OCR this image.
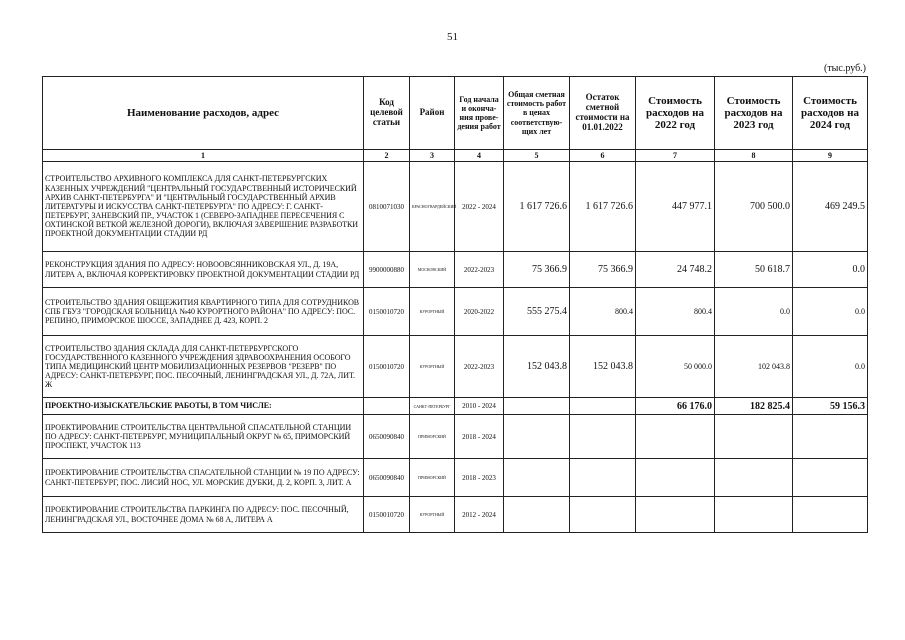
51
(тыс.руб.)
Наименование расходов, адрес	Код целевой статьи	Район	Год начала и оконча-ния прове-дения работ	Общая сметная стоимость работ в ценах соответствую-щих лет	Остаток сметной стоимости на 01.01.2022	Стоимость расходов на 2022 год	Стоимость расходов на 2023 год	Стоимость расходов на 2024 год
1	2	3	4	5	6	7	8	9
СТРОИТЕЛЬСТВО АРХИВНОГО КОМПЛЕКСА ДЛЯ САНКТ-ПЕТЕРБУРГСКИХ КАЗЕННЫХ УЧРЕЖДЕНИЙ "ЦЕНТРАЛЬНЫЙ ГОСУДАРСТВЕННЫЙ ИСТОРИЧЕСКИЙ АРХИВ САНКТ-ПЕТЕРБУРГА" И "ЦЕНТРАЛЬНЫЙ ГОСУДАРСТВЕННЫЙ АРХИВ ЛИТЕРАТУРЫ И ИСКУССТВА САНКТ-ПЕТЕРБУРГА" ПО АДРЕСУ: Г. САНКТ-ПЕТЕРБУРГ, ЗАНЕВСКИЙ ПР., УЧАСТОК 1 (СЕВЕРО-ЗАПАДНЕЕ ПЕРЕСЕЧЕНИЯ С ОХТИНСКОЙ ВЕТКОЙ ЖЕЛЕЗНОЙ ДОРОГИ), ВКЛЮЧАЯ ЗАВЕРШЕНИЕ РАЗРАБОТКИ ПРОЕКТНОЙ ДОКУМЕНТАЦИИ СТАДИИ РД	0810071030	КРАСНОГВАРДЕЙСКИЙ	2022 - 2024	1 617 726.6	1 617 726.6	447 977.1	700 500.0	469 249.5
РЕКОНСТРУКЦИЯ ЗДАНИЯ ПО АДРЕСУ: НОВООВСЯННИКОВСКАЯ УЛ., Д. 19А, ЛИТЕРА А, ВКЛЮЧАЯ КОРРЕКТИРОВКУ ПРОЕКТНОЙ ДОКУМЕНТАЦИИ СТАДИИ РД	9900000880	МОСКОВСКИЙ	2022-2023	75 366.9	75 366.9	24 748.2	50 618.7	0.0
СТРОИТЕЛЬСТВО ЗДАНИЯ ОБЩЕЖИТИЯ КВАРТИРНОГО ТИПА ДЛЯ СОТРУДНИКОВ СПБ ГБУЗ "ГОРОДСКАЯ БОЛЬНИЦА №40 КУРОРТНОГО РАЙОНА" ПО АДРЕСУ: ПОС. РЕПИНО, ПРИМОРСКОЕ ШОССЕ, ЗАПАДНЕЕ Д. 423, КОРП. 2	0150010720	КУРОРТНЫЙ	2020-2022	555 275.4	800.4	800.4	0.0	0.0
СТРОИТЕЛЬСТВО ЗДАНИЯ СКЛАДА ДЛЯ САНКТ-ПЕТЕРБУРГСКОГО ГОСУДАРСТВЕННОГО КАЗЕННОГО УЧРЕЖДЕНИЯ ЗДРАВООХРАНЕНИЯ ОСОБОГО ТИПА МЕДИЦИНСКИЙ ЦЕНТР МОБИЛИЗАЦИОННЫХ РЕЗЕРВОВ "РЕЗЕРВ" ПО АДРЕСУ: САНКТ-ПЕТЕРБУРГ, ПОС. ПЕСОЧНЫЙ, ЛЕНИНГРАДСКАЯ УЛ., Д. 72А, ЛИТ. Ж	0150010720	КУРОРТНЫЙ	2022-2023	152 043.8	152 043.8	50 000.0	102 043.8	0.0
ПРОЕКТНО-ИЗЫСКАТЕЛЬСКИЕ РАБОТЫ, В ТОМ ЧИСЛЕ:		САНКТ-ПЕТЕРБУРГ	2010 - 2024			66 176.0	182 825.4	59 156.3
ПРОЕКТИРОВАНИЕ СТРОИТЕЛЬСТВА ЦЕНТРАЛЬНОЙ СПАСАТЕЛЬНОЙ СТАНЦИИ ПО АДРЕСУ: САНКТ-ПЕТЕРБУРГ, МУНИЦИПАЛЬНЫЙ ОКРУГ № 65, ПРИМОРСКИЙ ПРОСПЕКТ, УЧАСТОК 113	0650090840	ПРИМОРСКИЙ	2018 - 2024					
ПРОЕКТИРОВАНИЕ СТРОИТЕЛЬСТВА СПАСАТЕЛЬНОЙ СТАНЦИИ № 19 ПО АДРЕСУ: САНКТ-ПЕТЕРБУРГ, ПОС. ЛИСИЙ НОС, УЛ. МОРСКИЕ ДУБКИ, Д. 2, КОРП. 3, ЛИТ. А	0650090840	ПРИМОРСКИЙ	2018 - 2023					
ПРОЕКТИРОВАНИЕ СТРОИТЕЛЬСТВА ПАРКИНГА ПО АДРЕСУ: ПОС. ПЕСОЧНЫЙ, ЛЕНИНГРАДСКАЯ УЛ., ВОСТОЧНЕЕ ДОМА № 68 А, ЛИТЕРА А	0150010720	КУРОРТНЫЙ	2012 - 2024					
